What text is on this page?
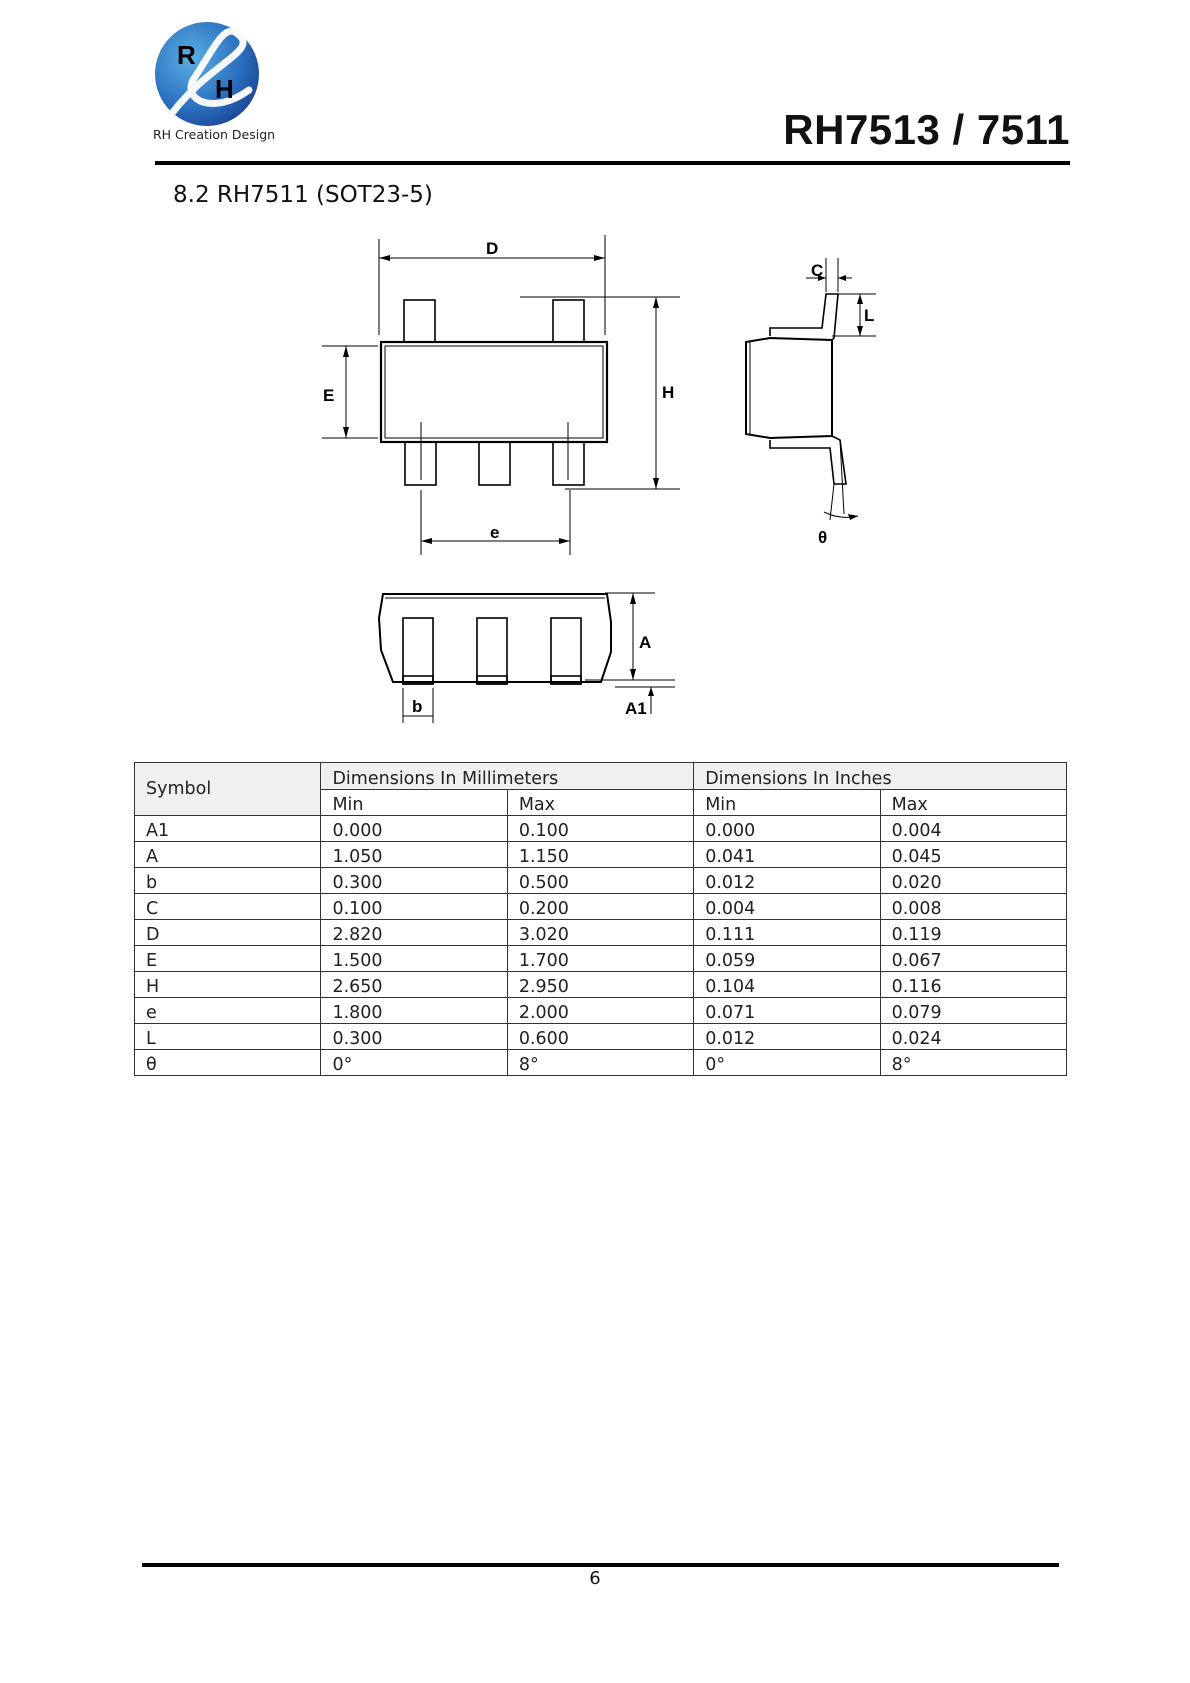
R
H
RH Creation Design	RH7513 / 7511
8.2 RH7511 (SOT23-5)
D
E	H
e
C
L
θ
A
A1
b
Symbol	Dimensions In Millimeters		Dimensions In Inches	
	Min	Max	Min	Max
A1	0.000	0.100	0.000	0.004
A	1.050	1.150	0.041	0.045
b	0.300	0.500	0.012	0.020
C	0.100	0.200	0.004	0.008
D	2.820	3.020	0.111	0.119
E	1.500	1.700	0.059	0.067
H	2.650	2.950	0.104	0.116
e	1.800	2.000	0.071	0.079
L	0.300	0.600	0.012	0.024
θ	0°	8°	0°	8°
6
